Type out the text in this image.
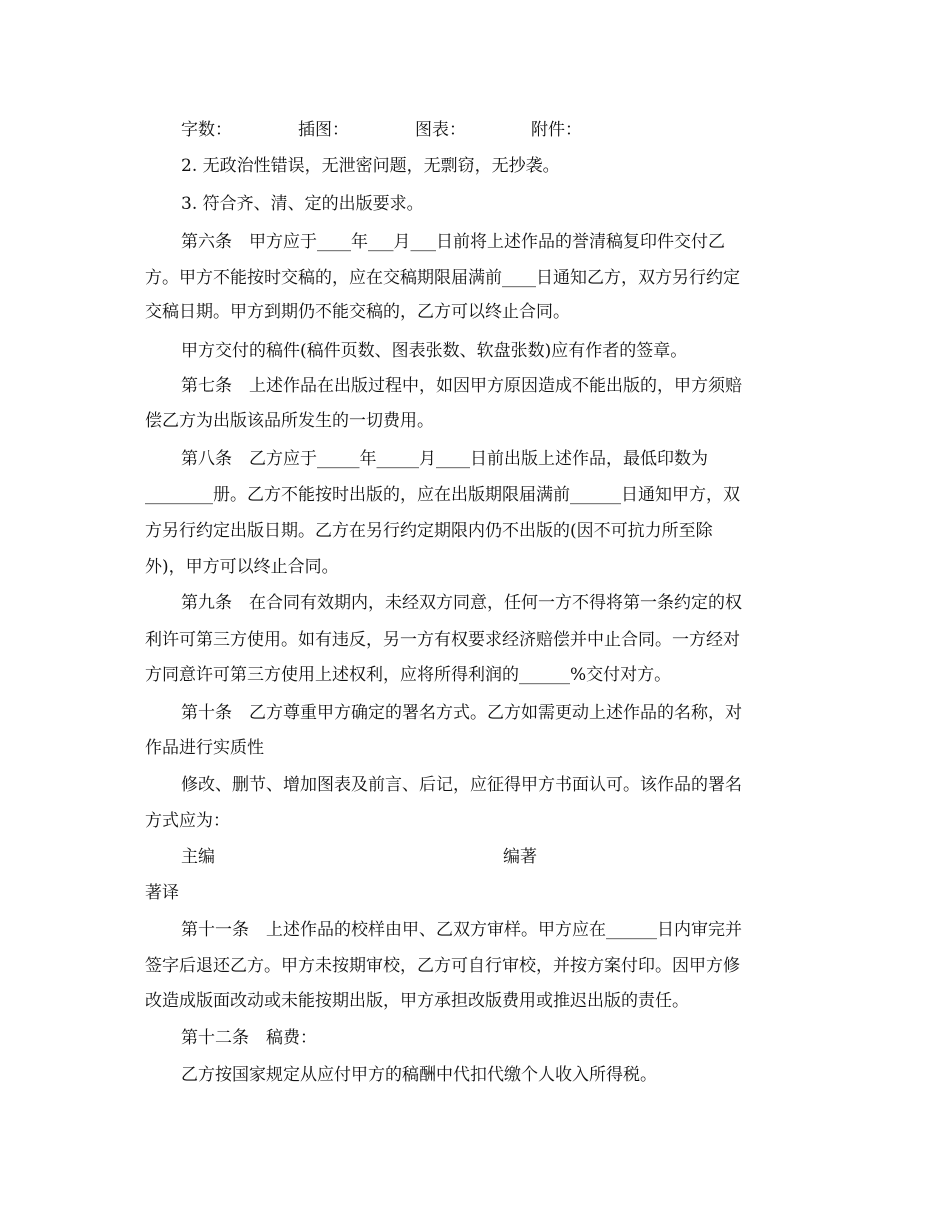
字数：	插图：	图表：	附件：
2. 无政治性错误，无泄密问题，无剽窃，无抄袭。
3. 符合齐、清、定的出版要求。
第六条　甲方应于____年___月___日前将上述作品的誉清稿复印件交付乙
方。甲方不能按时交稿的，应在交稿期限届满前____日通知乙方，双方另行约定
交稿日期。甲方到期仍不能交稿的，乙方可以终止合同。
甲方交付的稿件(稿件页数、图表张数、软盘张数)应有作者的签章。
第七条　上述作品在出版过程中，如因甲方原因造成不能出版的，甲方须赔
偿乙方为出版该品所发生的一切费用。
第八条　乙方应于_____年_____月____日前出版上述作品，最低印数为
________册。乙方不能按时出版的，应在出版期限届满前______日通知甲方，双
方另行约定出版日期。乙方在另行约定期限内仍不出版的(因不可抗力所至除
外)，甲方可以终止合同。
第九条　在合同有效期内，未经双方同意，任何一方不得将第一条约定的权
利许可第三方使用。如有违反，另一方有权要求经济赔偿并中止合同。一方经对
方同意许可第三方使用上述权利，应将所得利润的______%交付对方。
第十条　乙方尊重甲方确定的署名方式。乙方如需更动上述作品的名称，对
作品进行实质性
修改、删节、增加图表及前言、后记，应征得甲方书面认可。该作品的署名
方式应为：
主编	编著
著译
第十一条　上述作品的校样由甲、乙双方审样。甲方应在______日内审完并
签字后退还乙方。甲方未按期审校，乙方可自行审校，并按方案付印。因甲方修
改造成版面改动或未能按期出版，甲方承担改版费用或推迟出版的责任。
第十二条　稿费：
乙方按国家规定从应付甲方的稿酬中代扣代缴个人收入所得税。
